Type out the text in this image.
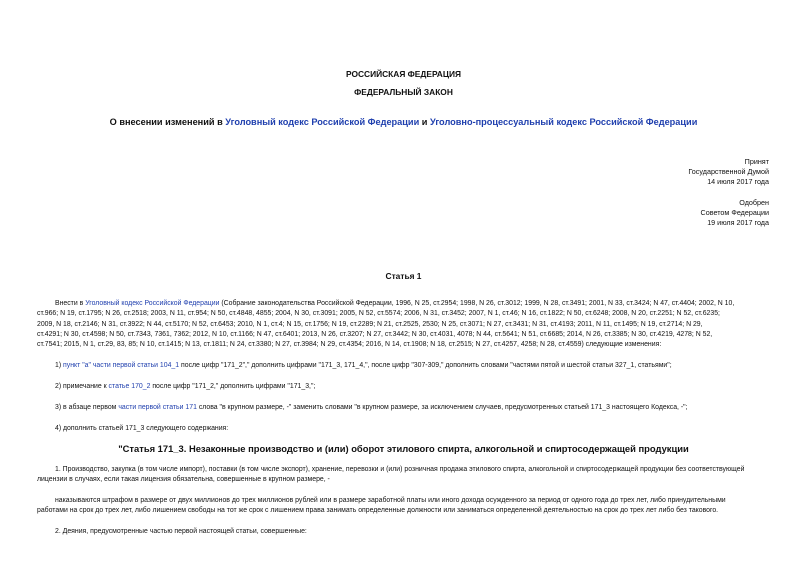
РОССИЙСКАЯ ФЕДЕРАЦИЯ
ФЕДЕРАЛЬНЫЙ ЗАКОН
О внесении изменений в Уголовный кодекс Российской Федерации и Уголовно-процессуальный кодекс Российской Федерации
Принят
Государственной Думой
14 июля 2017 года
Одобрен
Советом Федерации
19 июля 2017 года
Статья 1
Внести в Уголовный кодекс Российской Федерации (Собрание законодательства Российской Федерации, 1996, N 25, ст.2954; 1998, N 26, ст.3012; 1999, N 28, ст.3491; 2001, N 33, ст.3424; N 47, ст.4404; 2002, N 10,
ст.966; N 19, ст.1795; N 26, ст.2518; 2003, N 11, ст.954; N 50, ст.4848, 4855; 2004, N 30, ст.3091; 2005, N 52, ст.5574; 2006, N 31, ст.3452; 2007, N 1, ст.46; N 16, ст.1822; N 50, ст.6248; 2008, N 20, ст.2251; N 52, ст.6235;
2009, N 18, ст.2146; N 31, ст.3922; N 44, ст.5170; N 52, ст.6453; 2010, N 1, ст.4; N 15, ст.1756; N 19, ст.2289; N 21, ст.2525, 2530; N 25, ст.3071; N 27, ст.3431; N 31, ст.4193; 2011, N 11, ст.1495; N 19, ст.2714; N 29,
ст.4291; N 30, ст.4598; N 50, ст.7343, 7361, 7362; 2012, N 10, ст.1166; N 47, ст.6401; 2013, N 26, ст.3207; N 27, ст.3442; N 30, ст.4031, 4078; N 44, ст.5641; N 51, ст.6685; 2014, N 26, ст.3385; N 30, ст.4219, 4278; N 52,
ст.7541; 2015, N 1, ст.29, 83, 85; N 10, ст.1415; N 13, ст.1811; N 24, ст.3380; N 27, ст.3984; N 29, ст.4354; 2016, N 14, ст.1908; N 18, ст.2515; N 27, ст.4257, 4258; N 28, ст.4559) следующие изменения:
1) пункт "а" части первой статьи 104_1 после цифр "171_2"," дополнить цифрами "171_3, 171_4,", после цифр "307-309," дополнить словами "частями пятой и шестой статьи 327_1, статьями";
2) примечание к статье 170_2 после цифр "171_2," дополнить цифрами "171_3,";
3) в абзаце первом части первой статьи 171 слова "в крупном размере, -" заменить словами "в крупном размере, за исключением случаев, предусмотренных статьей 171_3 настоящего Кодекса, -";
4) дополнить статьей 171_3 следующего содержания:
"Статья 171_3. Незаконные производство и (или) оборот этилового спирта, алкогольной и спиртосодержащей продукции
1. Производство, закупка (в том числе импорт), поставки (в том числе экспорт), хранение, перевозки и (или) розничная продажа этилового спирта, алкогольной и спиртосодержащей продукции без соответствующей
лицензии в случаях, если такая лицензия обязательна, совершенные в крупном размере, -
наказываются штрафом в размере от двух миллионов до трех миллионов рублей или в размере заработной платы или иного дохода осужденного за период от одного года до трех лет, либо принудительными
работами на срок до трех лет, либо лишением свободы на тот же срок с лишением права занимать определенные должности или заниматься определенной деятельностью на срок до трех лет либо без такового.
2. Деяния, предусмотренные частью первой настоящей статьи, совершенные:
